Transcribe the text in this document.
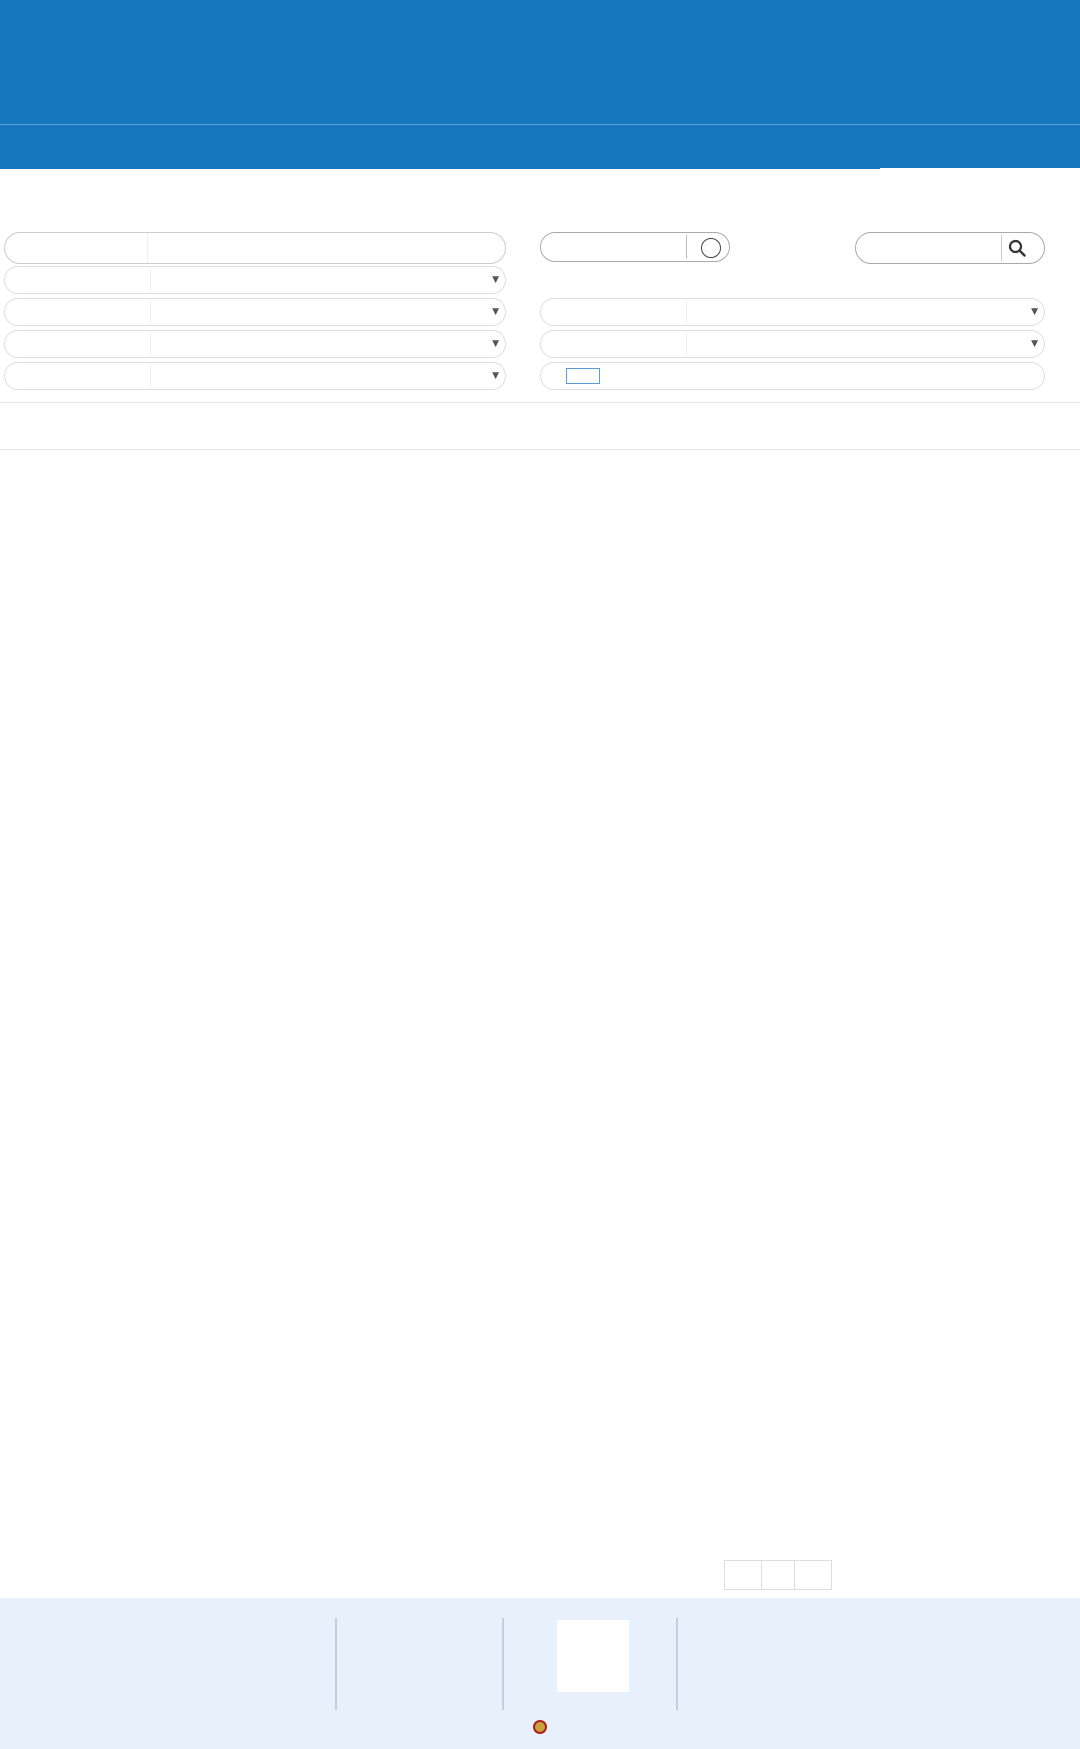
▼
▼
▼
▼
▼
▼
